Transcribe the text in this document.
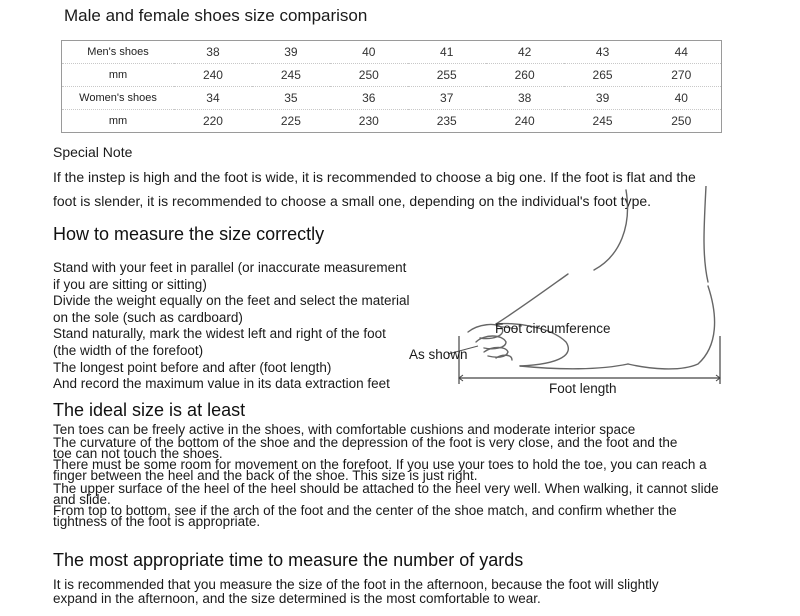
Male and female shoes size comparison
Men's shoes	38	39	40	41	42	43	44
mm	240	245	250	255	260	265	270
Women's shoes	34	35	36	37	38	39	40
mm	220	225	230	235	240	245	250
Special Note
If the instep is high and the foot is wide, it is recommended to choose a big one. If the foot is flat and the
foot is slender, it is recommended to choose a small one, depending on the individual's foot type.
How to measure the size correctly
Stand with your feet in parallel (or inaccurate measurement
if you are sitting or sitting)
Divide the weight equally on the feet and select the material
on the sole (such as cardboard)
Stand naturally, mark the widest left and right of the foot
(the width of the forefoot)
The longest point before and after (foot length)
And record the maximum value in its data extraction feet
Foot circumference
As shown
Foot length
The ideal size is at least

Ten toes can be freely active in the shoes, with comfortable cushions and moderate interior space

The curvature of the bottom of the shoe and the depression of the foot is very close, and the foot and the

toe can not touch the shoes.

There must be some room for movement on the forefoot. If you use your toes to hold the toe, you can reach a

finger between the heel and the back of the shoe. This size is just right.

The upper surface of the heel of the heel should be attached to the heel very well. When walking, it cannot slide

and slide.

From top to bottom, see if the arch of the foot and the center of the shoe match, and confirm whether the

tightness of the foot is appropriate.

The most appropriate time to measure the number of yards
It is recommended that you measure the size of the foot in the afternoon, because the foot will slightly
expand in the afternoon, and the size determined is the most comfortable to wear.
